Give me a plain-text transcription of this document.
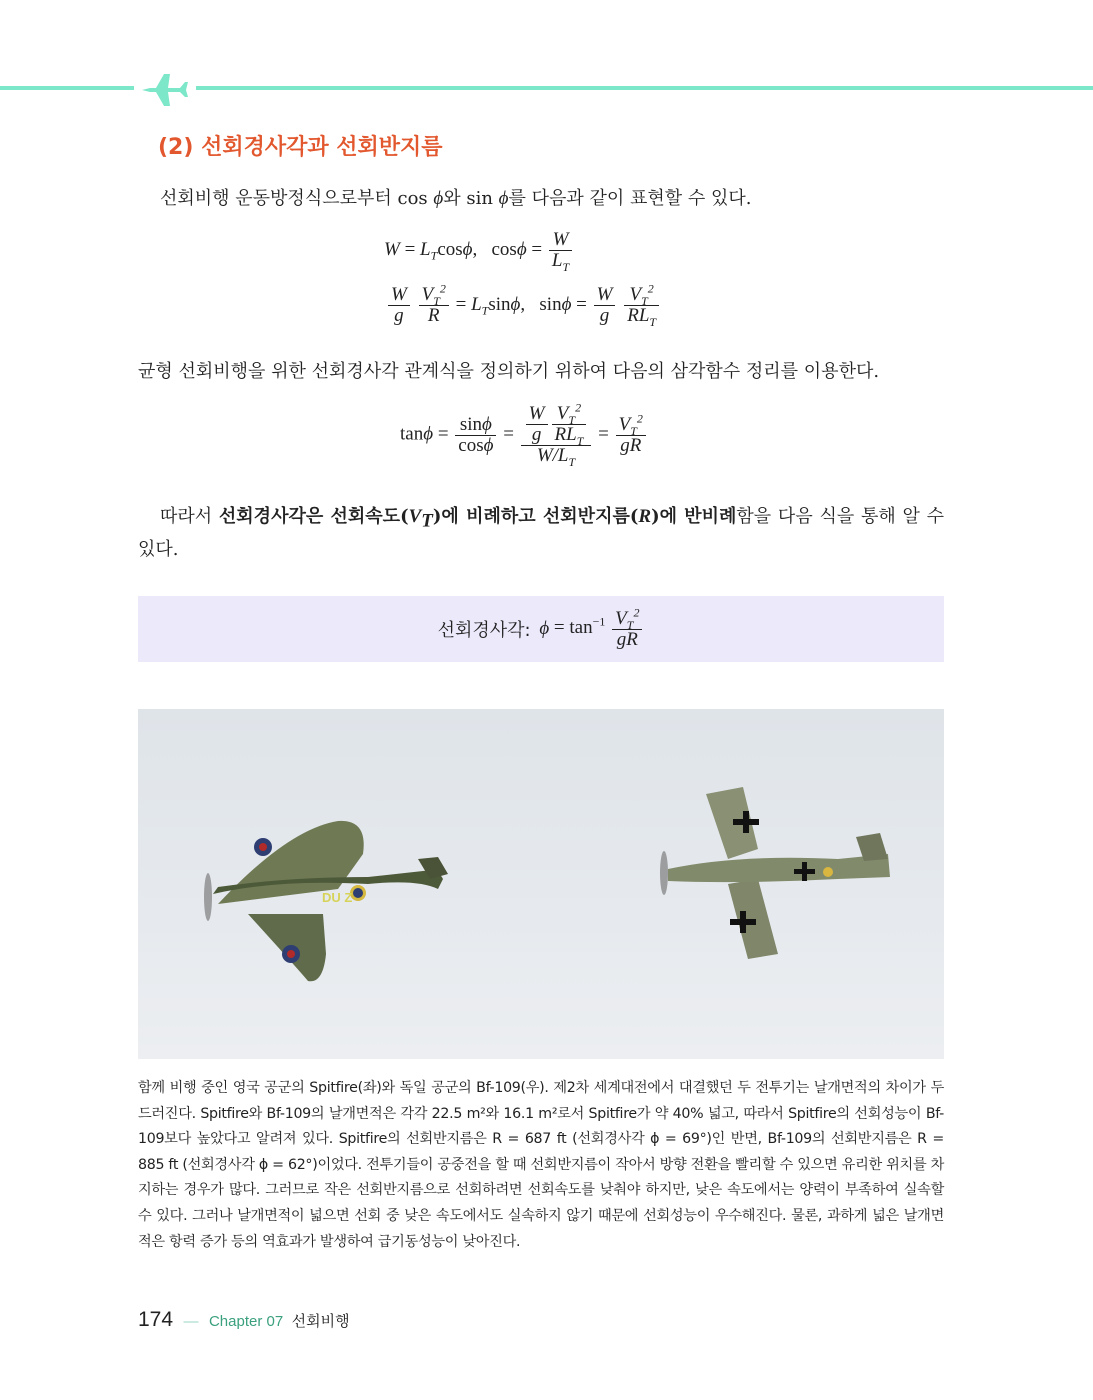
(2) 선회경사각과 선회반지름

선회비행 운동방정식으로부터 cos ϕ와 sin ϕ를 다음과 같이 표현할 수 있다.

$W = L_T\cos\phi$, $\cos\phi = \frac{W}{L_T}$
$\frac{W}{g}$
$\frac{V_T^2}{R} = L_T\sin\phi$, $\sin\phi = \frac{W}{g}$
$\frac{V_T^2}{RL_T}$

균형 선회비행을 위한 선회경사각 관계식을 정의하기 위하여 다음의 삼각함수 정리를 이용한다.

$\tan\phi = \frac{\sin\phi}{\cos\phi} = \frac{\frac{W}{g} \frac{V_T^2}{RL_T}}{W/L_T} = \frac{V_T^2}{gR}$

따라서 선회경사각은 선회속도$(V_T)$에 비례하고 선회반지름(R)에 반비례함을 다음 식을 통해 알 수 있다.

선회경사각: $\phi = \tan^{-1} \frac{V_T^2}{gR}$
DU Z

함께 비행 중인 영국 공군의 Spitfire(좌)와 독일 공군의 Bf-109(우). 제2차 세계대전에서 대결했던 두 전투기는 날개면적의 차이가 두드러진다. Spitfire와 Bf-109의 날개면적은 각각 22.5 m²와 16.1 m²로서 Spitfire가 약 40% 넓고, 따라서 Spitfire의 선회성능이 Bf-109보다 높았다고 알려져 있다. Spitfire의 선회반지름은 R = 687 ft (선회경사각 ϕ = 69°)인 반면, Bf-109의 선회반지름은 R = 885 ft (선회경사각 ϕ = 62°)이었다. 전투기들이 공중전을 할 때 선회반지름이 작아서 방향 전환을 빨리할 수 있으면 유리한 위치를 차지하는 경우가 많다. 그러므로 작은 선회반지름으로 선회하려면 선회속도를 낮춰야 하지만, 낮은 속도에서는 양력이 부족하여 실속할 수 있다. 그러나 날개면적이 넓으면 선회 중 낮은 속도에서도 실속하지 않기 때문에 선회성능이 우수해진다. 물론, 과하게 넓은 날개면적은 항력 증가 등의 역효과가 발생하여 급기동성능이 낮아진다.

174 — Chapter 07 선회비행
